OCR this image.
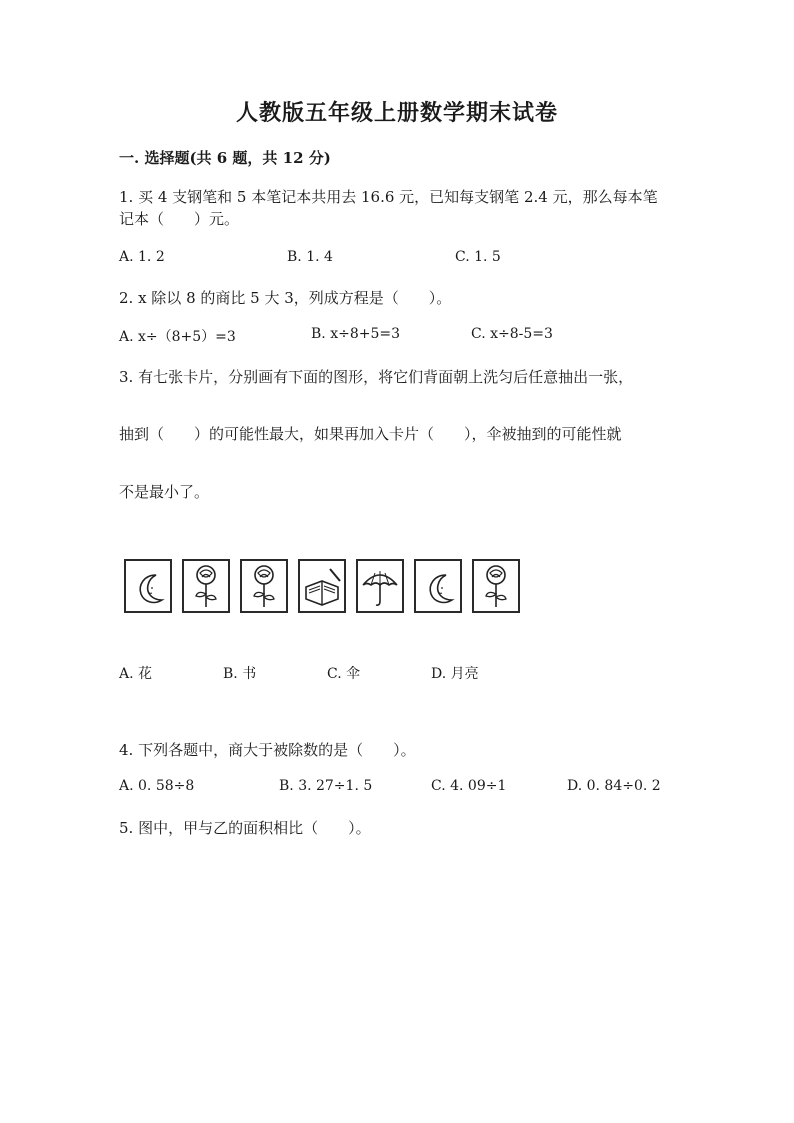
人教版五年级上册数学期末试卷
一. 选择题(共 6 题，共 12 分)
1. 买 4 支钢笔和 5 本笔记本共用去 16.6 元，已知每支钢笔 2.4 元，那么每本笔
记本（　　）元。
A. 1. 2	B. 1. 4	C. 1. 5
2. x 除以 8 的商比 5 大 3，列成方程是（　　）。
A. x÷（8+5）=3	B. x÷8+5=3	C. x÷8-5=3
3. 有七张卡片，分别画有下面的图形，将它们背面朝上洗匀后任意抽出一张，
抽到（　　）的可能性最大，如果再加入卡片（　　），伞被抽到的可能性就
不是最小了。
A. 花	B. 书	C. 伞	D. 月亮
4. 下列各题中，商大于被除数的是（　　）。
A. 0. 58÷8	B. 3. 27÷1. 5	C. 4. 09÷1	D. 0. 84÷0. 2
5. 图中，甲与乙的面积相比（　　）。
